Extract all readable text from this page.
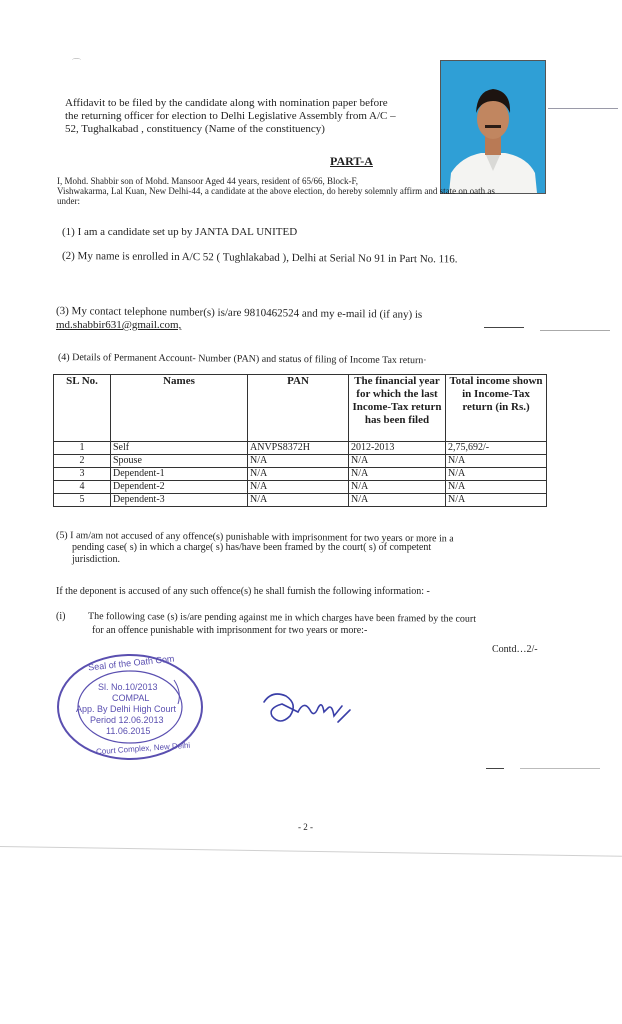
⌒
Affidavit to be filed by the candidate along with nomination paper before
the returning officer for election to Delhi Legislative Assembly from A/C –
52, Tughalkabad , constituency (Name of the constituency)
PART-A
I, Mohd. Shabbir son of Mohd. Mansoor Aged 44 years, resident of 65/66, Block-F,
Vishwakarma, Lal Kuan, New Delhi-44, a candidate at the above election, do hereby solemnly affirm and state on oath as
under:
(1) I am a candidate set up by JANTA DAL UNITED
(2) My name is enrolled in A/C 52 ( Tughlakabad ), Delhi at Serial No 91 in Part No. 116.
(3) My contact telephone number(s) is/are 9810462524 and my e-mail id (if any) is
md.shabbir631@gmail.com,
(4) Details of Permanent Account- Number (PAN) and status of filing of Income Tax return·
SL No.	Names	PAN	The financial year for which the last Income-Tax return has been filed	Total income shown in Income-Tax return (in Rs.)
1	Self	ANVPS8372H	2012-2013	2,75,692/-
2	Spouse	N/A	N/A	N/A
3	Dependent-1	N/A	N/A	N/A
4	Dependent-2	N/A	N/A	N/A
5	Dependent-3	N/A	N/A	N/A
(5) I am/am not accused of any offence(s) punishable with imprisonment for two years or more in a
pending case( s) in which a charge( s) has/have been framed by the court( s) of competent
jurisdiction.
If the deponent is accused of any such offence(s) he shall furnish the following information: -
(i) The following case (s) is/are pending against me in which charges have been framed by the court
for an offence punishable with imprisonment for two years or more:-
Contd…2/-
Seal of the Oath Com
Court Complex, New Delhi
Sl. No.10/2013
COMPAL
App. By Delhi High Court
Period 12.06.2013
11.06.2015
- 2 -
